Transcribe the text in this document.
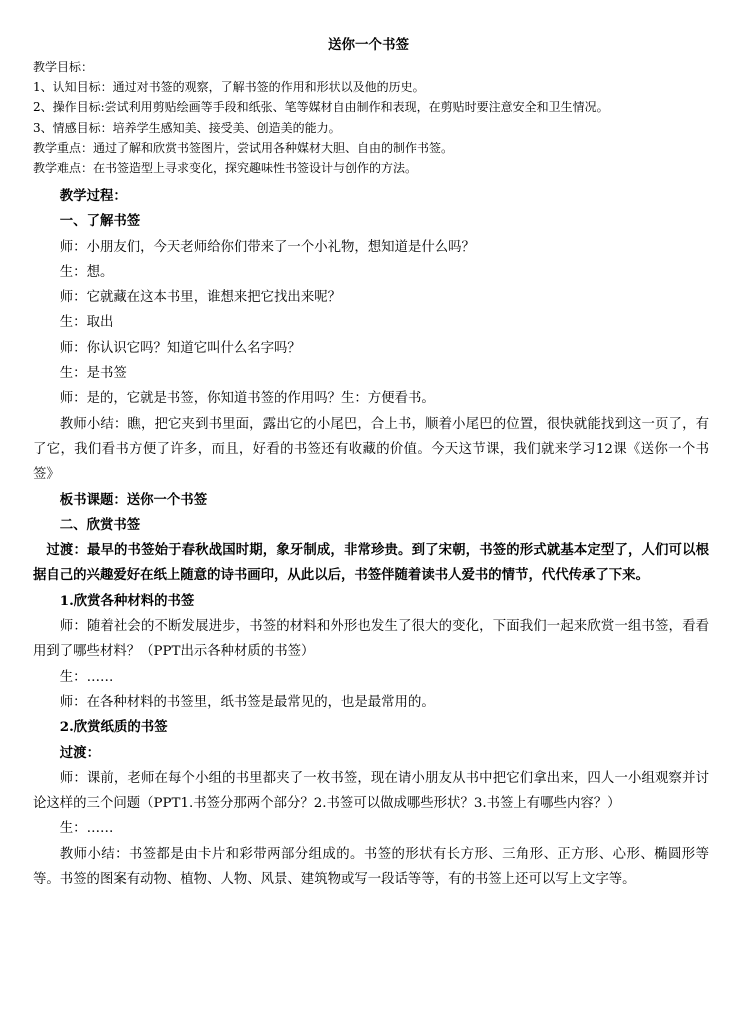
送你一个书签

教学目标：

1、认知目标：通过对书签的观察，了解书签的作用和形状以及他的历史。

2、操作目标:尝试利用剪贴绘画等手段和纸张、笔等媒材自由制作和表现，在剪贴时要注意安全和卫生情况。

3、情感目标：培养学生感知美、接受美、创造美的能力。

教学重点：通过了解和欣赏书签图片，尝试用各种媒材大胆、自由的制作书签。

教学难点：在书签造型上寻求变化，探究趣味性书签设计与创作的方法。

教学过程：

一、了解书签

师：小朋友们，今天老师给你们带来了一个小礼物，想知道是什么吗？

生：想。

师：它就藏在这本书里，谁想来把它找出来呢？

生：取出

师：你认识它吗？知道它叫什么名字吗？

生：是书签

师：是的，它就是书签，你知道书签的作用吗？生：方便看书。

教师小结：瞧，把它夹到书里面，露出它的小尾巴，合上书，顺着小尾巴的位置，很快就能找到这一页了，有了它，我们看书方便了许多，而且，好看的书签还有收藏的价值。今天这节课，我们就来学习12课《送你一个书签》

板书课题：送你一个书签

二、欣赏书签

过渡：最早的书签始于春秋战国时期，象牙制成，非常珍贵。到了宋朝，书签的形式就基本定型了，人们可以根据自己的兴趣爱好在纸上随意的诗书画印，从此以后，书签伴随着读书人爱书的情节，代代传承了下来。

1.欣赏各种材料的书签

师：随着社会的不断发展进步，书签的材料和外形也发生了很大的变化，下面我们一起来欣赏一组书签，看看用到了哪些材料？（PPT出示各种材质的书签）

生：……

师：在各种材料的书签里，纸书签是最常见的，也是最常用的。

2.欣赏纸质的书签

过渡：

师：课前，老师在每个小组的书里都夹了一枚书签，现在请小朋友从书中把它们拿出来，四人一小组观察并讨论这样的三个问题（PPT1.书签分那两个部分？2.书签可以做成哪些形状？3.书签上有哪些内容？）

生：……

教师小结：书签都是由卡片和彩带两部分组成的。书签的形状有长方形、三角形、正方形、心形、椭圆形等等。书签的图案有动物、植物、人物、风景、建筑物或写一段话等等，有的书签上还可以写上文字等。
